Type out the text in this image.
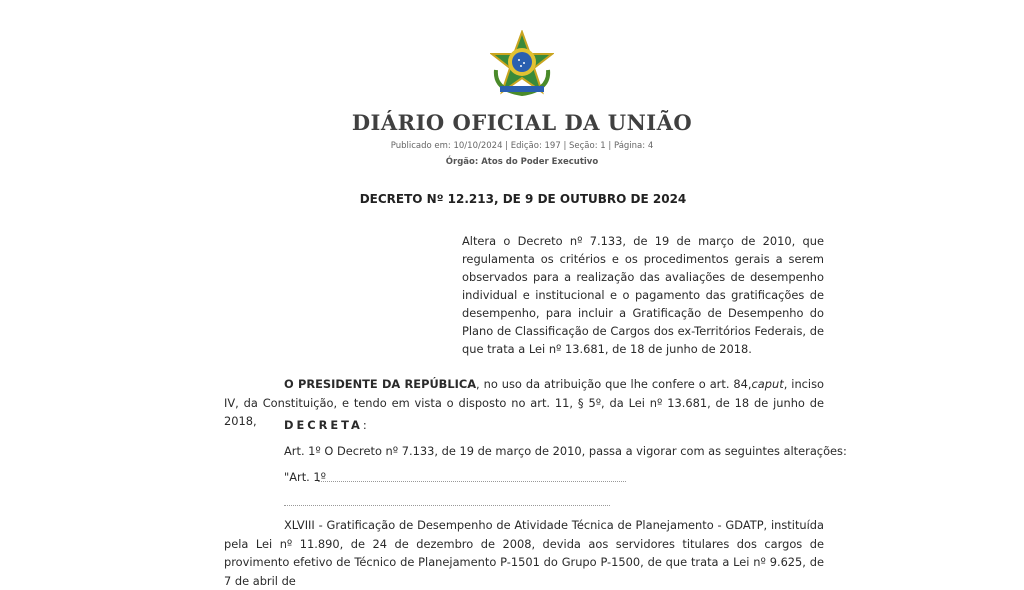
DIÁRIO OFICIAL DA UNIÃO
Publicado em: 10/10/2024 | Edição: 197 | Seção: 1 | Página: 4
Órgão: Atos do Poder Executivo
DECRETO Nº 12.213, DE 9 DE OUTUBRO DE 2024
Altera o Decreto nº 7.133, de 19 de março de 2010, que regulamenta os critérios e os procedimentos gerais a serem observados para a realização das avaliações de desempenho individual e institucional e o pagamento das gratificações de desempenho, para incluir a Gratificação de Desempenho do Plano de Classificação de Cargos dos ex-Territórios Federais, de que trata a Lei nº 13.681, de 18 de junho de 2018.
O PRESIDENTE DA REPÚBLICA, no uso da atribuição que lhe confere o art. 84,caput, inciso IV, da Constituição, e tendo em vista o disposto no art. 11, § 5º, da Lei nº 13.681, de 18 de junho de 2018,	DECRETA:
Art. 1º O Decreto nº 7.133, de 19 de março de 2010, passa a vigorar com as seguintes alterações:
"Art. 1º
XLVIII - Gratificação de Desempenho de Atividade Técnica de Planejamento - GDATP, instituída pela Lei nº 11.890, de 24 de dezembro de 2008, devida aos servidores titulares dos cargos de provimento efetivo de Técnico de Planejamento P-1501 do Grupo P-1500, de que trata a Lei nº 9.625, de 7 de abril de
